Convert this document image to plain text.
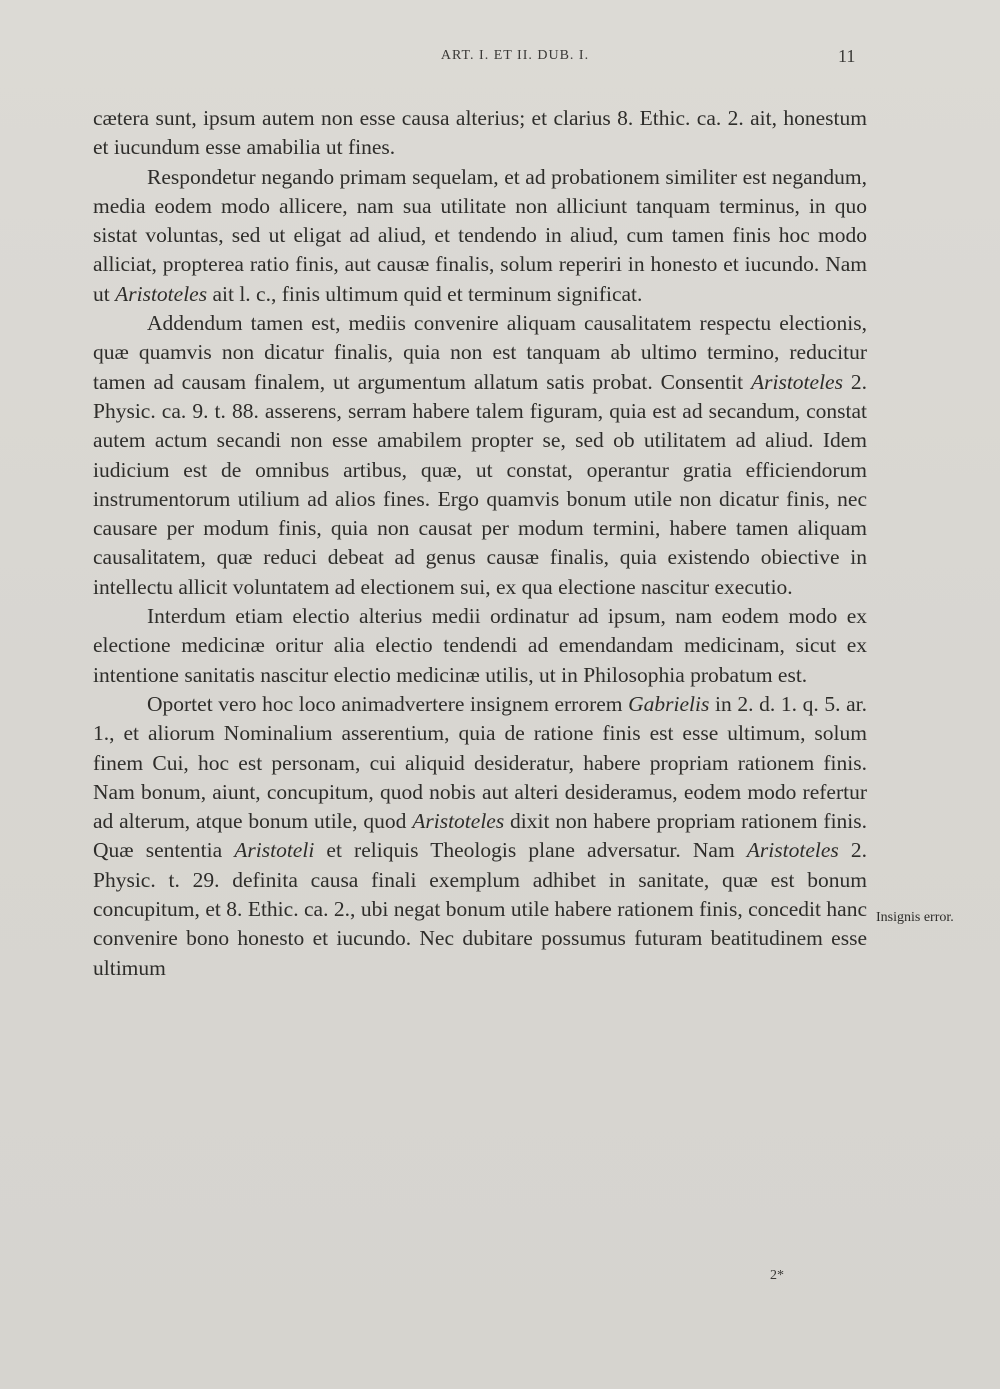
ART. I. ET II. DUB. I.	11

cætera sunt, ipsum autem non esse causa alterius; et clarius 8. Ethic. ca. 2. ait, honestum et iucundum esse amabilia ut fines.

Respondetur negando primam sequelam, et ad probationem similiter est negandum, media eodem modo allicere, nam sua utilitate non alliciunt tanquam terminus, in quo sistat voluntas, sed ut eligat ad aliud, et tendendo in aliud, cum tamen finis hoc modo alliciat, propterea ratio finis, aut causæ finalis, solum reperiri in honesto et iucundo. Nam ut Aristoteles ait l. c., finis ultimum quid et terminum significat.

Addendum tamen est, mediis convenire aliquam causalitatem respectu electionis, quæ quamvis non dicatur finalis, quia non est tanquam ab ultimo termino, reducitur tamen ad causam finalem, ut argumentum allatum satis probat. Consentit Aristoteles 2. Physic. ca. 9. t. 88. asserens, serram habere talem figuram, quia est ad secandum, constat autem actum secandi non esse amabilem propter se, sed ob utilitatem ad aliud. Idem iudicium est de omnibus artibus, quæ, ut constat, operantur gratia efficiendorum instrumentorum utilium ad alios fines. Ergo quamvis bonum utile non dicatur finis, nec causare per modum finis, quia non causat per modum termini, habere tamen aliquam causalitatem, quæ reduci debeat ad genus causæ finalis, quia existendo obiective in intellectu allicit voluntatem ad electionem sui, ex qua electione nascitur executio.

Interdum etiam electio alterius medii ordinatur ad ipsum, nam eodem modo ex electione medicinæ oritur alia electio tendendi ad emendandam medicinam, sicut ex intentione sanitatis nascitur electio medicinæ utilis, ut in Philosophia probatum est.

Oportet vero hoc loco animadvertere insignem errorem Gabrielis in 2. d. 1. q. 5. ar. 1., et aliorum Nominalium asserentium, quia de ratione finis est esse ultimum, solum finem Cui, hoc est personam, cui aliquid desideratur, habere propriam rationem finis. Nam bonum, aiunt, concupitum, quod nobis aut alteri desideramus, eodem modo refertur ad alterum, atque bonum utile, quod Aristoteles dixit non habere propriam rationem finis. Quæ sententia Aristoteli et reliquis Theologis plane adversatur. Nam Aristoteles 2. Physic. t. 29. definita causa finali exemplum adhibet in sanitate, quæ est bonum concupitum, et 8. Ethic. ca. 2., ubi negat bonum utile habere rationem finis, concedit hanc convenire bono honesto et iucundo. Nec dubitare possumus futuram beatitudinem esse ultimum

Insignis error.
2*
